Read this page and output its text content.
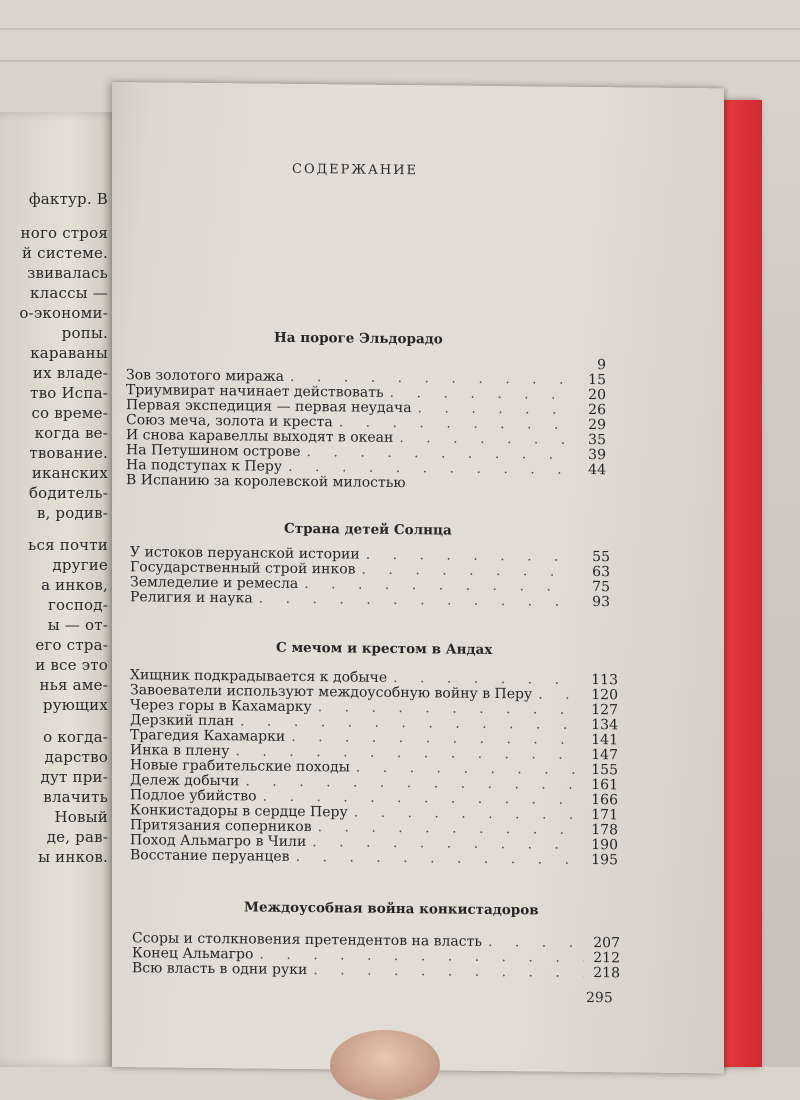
фактур. В
ного строя
й системе.
звивалась
классы —
о-экономи-
ропы.
караваны
их владе-
тво Испа-
со време-
когда ве-
твование.
иканских
бодитель-
в, родив-
ься почти
другие
а инков,
господ-
ы — от-
его стра-
и все это
нья аме-
рующих
о когда-
дарство
дут при-
влачить
Новый
де, рав-
ы инков.
СОДЕРЖАНИЕ
На пороге Эльдорадо
9
Зов золотого миража . . .	15
Триумвират начинает действовать . . .	20
Первая экспедиция — первая неудача . . .	26
Союз меча, золота и креста . . .	29
И снова каравеллы выходят в океан . . .	35
На Петушином острове . . .	39
На подступах к Перу . . .	44
В Испанию за королевской милостью
Страна детей Солнца
У истоков перуанской истории . . .	55
Государственный строй инков . . .	63
Земледелие и ремесла . . .	75
Религия и наука . . .	93
С мечом и крестом в Андах
Хищник подкрадывается к добыче . . .	113
Завоеватели используют междоусобную войну в Перу . . .	120
Через горы в Кахамарку . . .	127
Дерзкий план . . .	134
Трагедия Кахамарки . . .	141
Инка в плену . . .	147
Новые грабительские походы . . .	155
Дележ добычи . . .	161
Подлое убийство . . .	166
Конкистадоры в сердце Перу . . .	171
Притязания соперников . . .	178
Поход Альмагро в Чили . . .	190
Восстание перуанцев . . .	195
Междоусобная война конкистадоров
Ссоры и столкновения претендентов на власть . . .	207
Конец Альмагро . . .	212
Всю власть в одни руки . . .	218
295
